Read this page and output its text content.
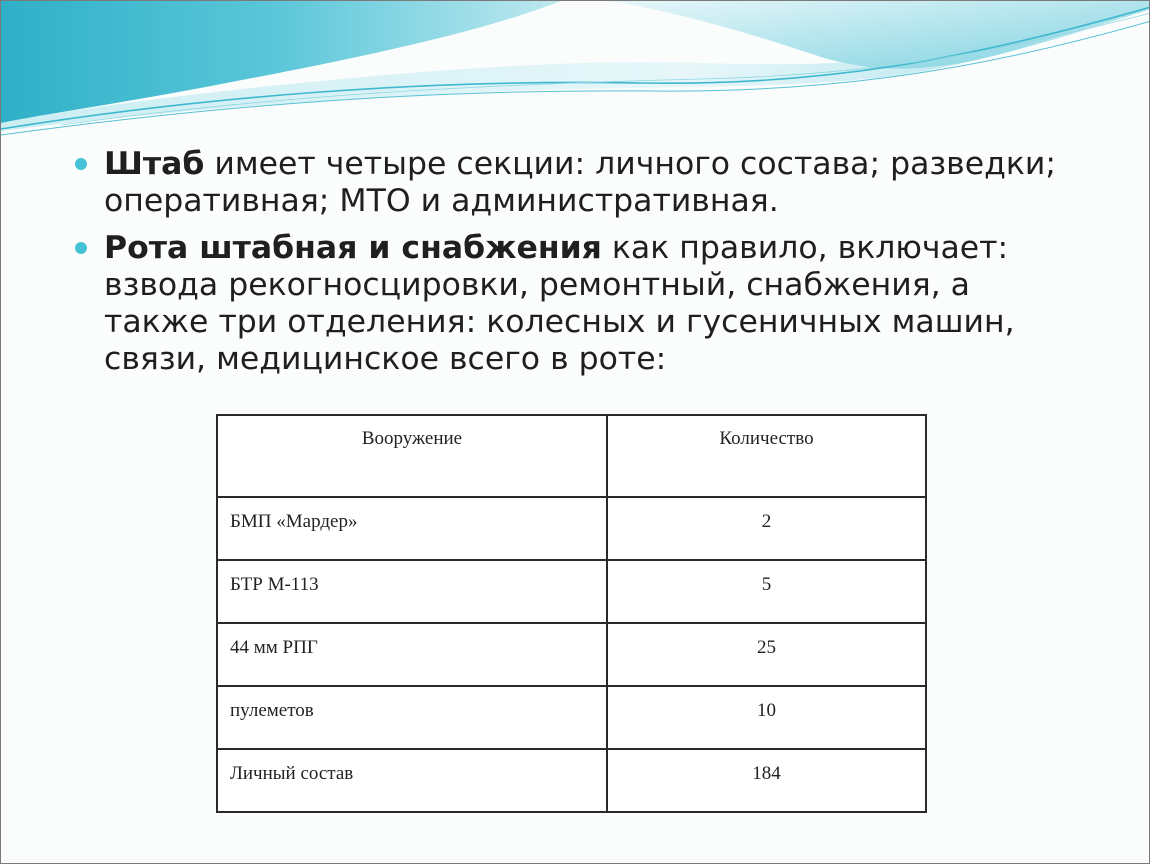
Штаб имеет четыре секции: личного состава; разведки; оперативная; МТО и административная.
Рота штабная и снабжения как правило, включает: взвода рекогносцировки, ремонтный, снабжения, а также три отделения: колесных и гусеничных машин, связи, медицинское всего в роте:
Вооружение	Количество
БМП «Мардер»	2
БТР М-113	5
44 мм РПГ	25
пулеметов	10
Личный состав	184
